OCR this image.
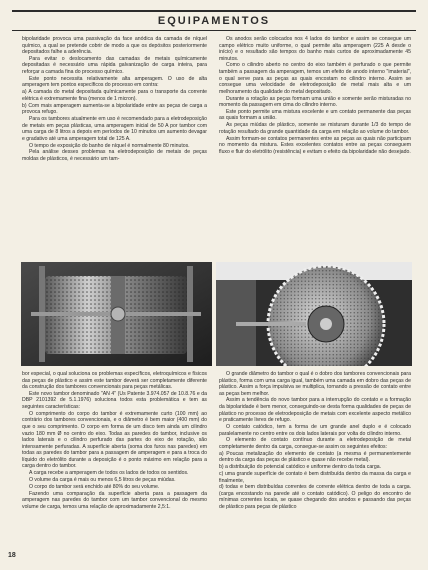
EQUIPAMENTOS

bipolaridade provoca uma passivação da face anódica da camada de níquel químico, a qual se pretende cobrir de modo a que os depósitos posteriormente depositados falhe a aderência.

Para evitar o deslocamento das camadas de metais químicamente depositadas é necessário uma rápida galvanização de carga inteira, para reforçar a camada fina do processo químico.

Este ponto necessita relativamente alta amperagem. O uso de alta amperagem tem pontos específicos do processo em contra:

a) A camada do metal depositada químicamente para o transporte da corrente elétrica é extremamente fina (menos de 1 micron).

b) Com mais amperagem aumenta-se a bipolaridade entre as peças de carga a provoca refugo.

Para os tambores atualmente em uso é recomendado para a eletrodeposição de metais em peças plásticas, uma amperagem inicial de 50 A por tambor com uma carga de 8 litros a depois em períodos de 10 minutos um aumento devagar e gradativo até uma amperagem total de 125 A.

O tempo de exposição do banho de níquel é normalmente 80 minutos.

Pela análise desses problemas na eletrodeposição de metais de peças moldas de plásticos, é necessário um tam-

Os anodos serão colocados nos 4 lados do tambor e assim se consegue um campo elétrico muito uniforme, o qual permite alta amperagem (225 A desde o início) e o resultado são tempos do banho mais curtos de aproximadamente 45 minutos.

Como o cilindro aberto no centro do eixo também é perfurado o que permite também a passagem da amperagem, temos um efeito de anodo interno "imaterial", o qual serve para as peças as quais encostam no cilindro interno. Assim se consegue uma velocidade de eletrodeposição de metal mais alta e um melhoramento da qualidade do metal depositado.

Durante a rotação as peças formam uma união e somente serão misturadas no momento da passagem em cima do cilindro interno.

Este ponto permite uma mistura excelente e um contato permanente das peças as quais formam a união.

As peças miúdas de plástico, somente se misturam durante 1/3 do tempo de rotação resultado da grande quantidade da carga em relação ao volume do tambor.

Assim formam-se contatos permanentes entre as peças as quais não participam no momento da mistura. Estes excelentes contatos entre as peças conseguem fluxo e fluir do eletrólito (resistência) e evitam o efeito da bipolaridade não desejado.

bor especial, o qual soluciona os problemas específicos, eletroquímicos e físicos das peças de plástico e assim este tambor deverá ser completamente diferente da construção dos tambores convencionais para peças metálicas.

Este novo tambor denominado "AN 4" (Us Patente 3.974.057 de 10.8.76 e da DBP 2101392 de 5.1.1976) soluciona todos esta problemática e tem as seguintes características:

O comprimento do corpo do tambor é extremamente curto (100 mm) ao contrário dos tambores convencionais, e o diâmetro é bem maior (400 mm) do que o seu comprimento. O corpo em forma de um disco tem ainda um cilindro vazio 180 mm Ø no centro do eixo. Todas as paredes do tambor, inclusive os lados laterais e o cilindro perfurado das partes do eixo de rotação, são intensamente perfuradas. A superfície aberta (soma dos furos nas paredes) em todas as paredes do tambor para a passagem de amperagem e para a troca do líquido do eletrólito durante a deposição é o ponto máximo em relação para a carga dentro do tambor.

A carga recebe a amperagem de todos os lados de todos os sentidos.

O volume da carga é mais ou menos 6,5 litros de peças miúdas.

O corpo do tambor será enchido até 80% do seu volume.

Fazendo uma comparação da superfície aberta para a passagem da amperagem nas paredes do tambor com um tambor convencional do mesmo volume de carga, temos uma relação de aproximadamente 2,5:1.

O grande diâmetro do tambor o qual é o dobro dos tambores convencionais para plástico, forma com uma carga igual, também uma camada em dobro das peças de plástico. Assim a força impulsiva se multiplica, tornando a pressão de contato entre as peças bem melhor.

Assim a tendência do novo tambor para a interrupção do contato e a formação da bipolaridade é bem menor, conseguindo-se desta forma qualidades de peças de plástico no processo de eletrodeposição de metais com excelente aspecto metálico e praticamente livres de refugo.

O contato catódico, tem a forma de um grande anel duplo e é colocado paralelamente no centro entre os dois lados laterais por volta do cilindro interno.

O elemento de contato contínuo durante a eletrodeposição de metal completamente dentro da carga, consegue-se assim os seguintes efeitos:

a) Poucas metalização do elemento de contato (a mesma é permanentemente dentro da carga das peças de plástico e quase não recebe metal).

b) a distribuição do potencial catódico e uniforme dentro da toda carga.

c) uma grande superfície de contato é bem distribuída dentro da massa da carga e finalmente,

d) todas e bem distribuídas correntes de corrente elétrica dentro de toda a carga. (carga encostando na parede até o contato catódico). O peligo do encontro de mínimas correntes locais, se quase chegando dos anodos e passando das peças de plástico para peças de plástico

18
